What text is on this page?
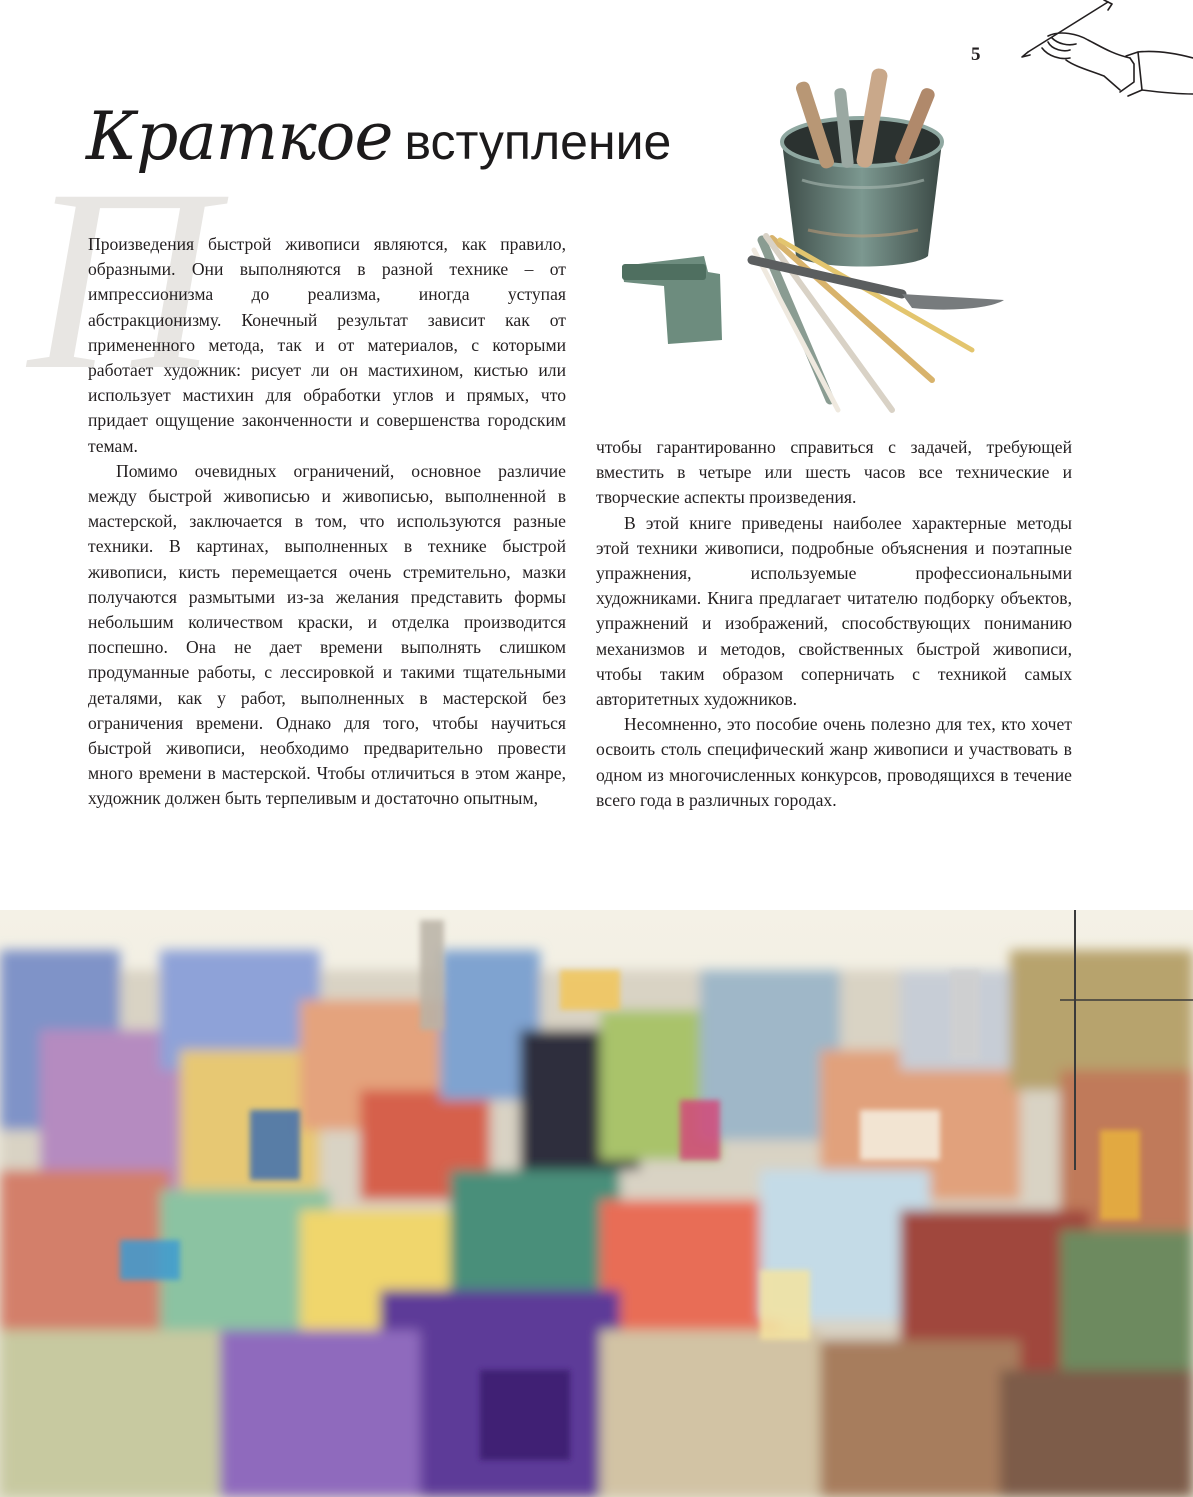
5
П
Краткое вступление

Произведения быстрой живописи являются, как правило, образными. Они выполняются в разной технике – от импрессионизма до реализма, иногда уступая абстракционизму. Конечный результат зависит как от примененного метода, так и от материалов, с которыми работает художник: рисует ли он мастихином, кистью или использует мастихин для обработки углов и прямых, что придает ощущение законченности и совершенства городским темам.

Помимо очевидных ограничений, основное различие между быстрой живописью и живописью, выполненной в мастерской, заключается в том, что используются разные техники. В картинах, выполненных в технике быстрой живописи, кисть перемещается очень стремительно, мазки получаются размытыми из-за желания представить формы небольшим количеством краски, и отделка производится поспешно. Она не дает времени выполнять слишком продуманные работы, с лессировкой и такими тщательными деталями, как у работ, выполненных в мастерской без ограничения времени. Однако для того, чтобы научиться быстрой живописи, необходимо предварительно провести много времени в мастерской. Чтобы отличиться в этом жанре, художник должен быть терпеливым и достаточно опытным,

чтобы гарантированно справиться с задачей, требующей вместить в четыре или шесть часов все технические и творческие аспекты произведения.

В этой книге приведены наиболее характерные методы этой техники живописи, подробные объяснения и поэтапные упражнения, используемые профессиональными художниками. Книга предлагает читателю подборку объектов, упражнений и изображений, способствующих пониманию механизмов и методов, свойственных быстрой живописи, чтобы таким образом соперничать с техникой самых авторитетных художников.

Несомненно, это пособие очень полезно для тех, кто хочет освоить столь специфический жанр живописи и участвовать в одном из многочисленных конкурсов, проводящихся в течение всего года в различных городах.
